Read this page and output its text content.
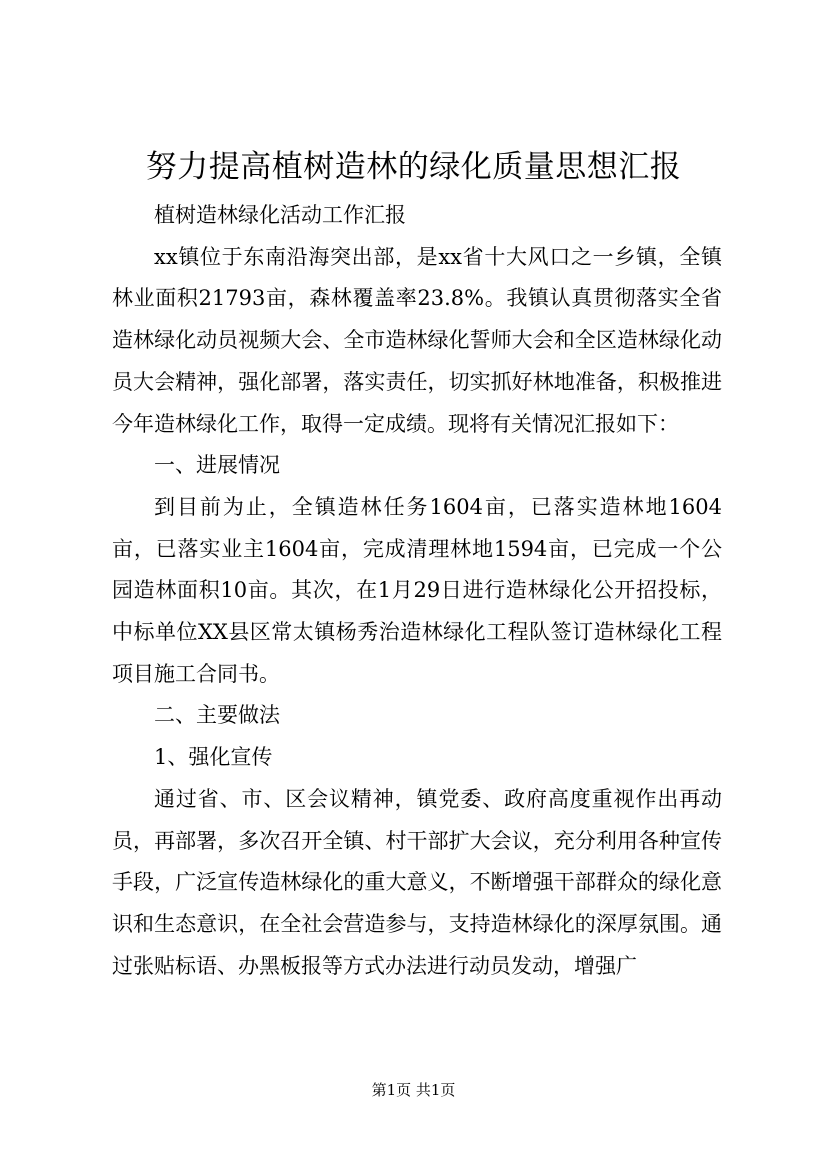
努力提高植树造林的绿化质量思想汇报

植树造林绿化活动工作汇报

xx镇位于东南沿海突出部，是xx省十大风口之一乡镇，全镇林业面积21793亩，森林覆盖率23.8%。我镇认真贯彻落实全省造林绿化动员视频大会、全市造林绿化誓师大会和全区造林绿化动员大会精神，强化部署，落实责任，切实抓好林地准备，积极推进今年造林绿化工作，取得一定成绩。现将有关情况汇报如下：

一、进展情况

到目前为止，全镇造林任务1604亩，已落实造林地1604亩，已落实业主1604亩，完成清理林地1594亩，已完成一个公园造林面积10亩。其次，在1月29日进行造林绿化公开招投标，中标单位XX县区常太镇杨秀治造林绿化工程队签订造林绿化工程项目施工合同书。

二、主要做法

1、强化宣传

通过省、市、区会议精神，镇党委、政府高度重视作出再动员，再部署，多次召开全镇、村干部扩大会议，充分利用各种宣传手段，广泛宣传造林绿化的重大意义，不断增强干部群众的绿化意识和生态意识，在全社会营造参与，支持造林绿化的深厚氛围。通过张贴标语、办黑板报等方式办法进行动员发动，增强广

第1页 共1页
